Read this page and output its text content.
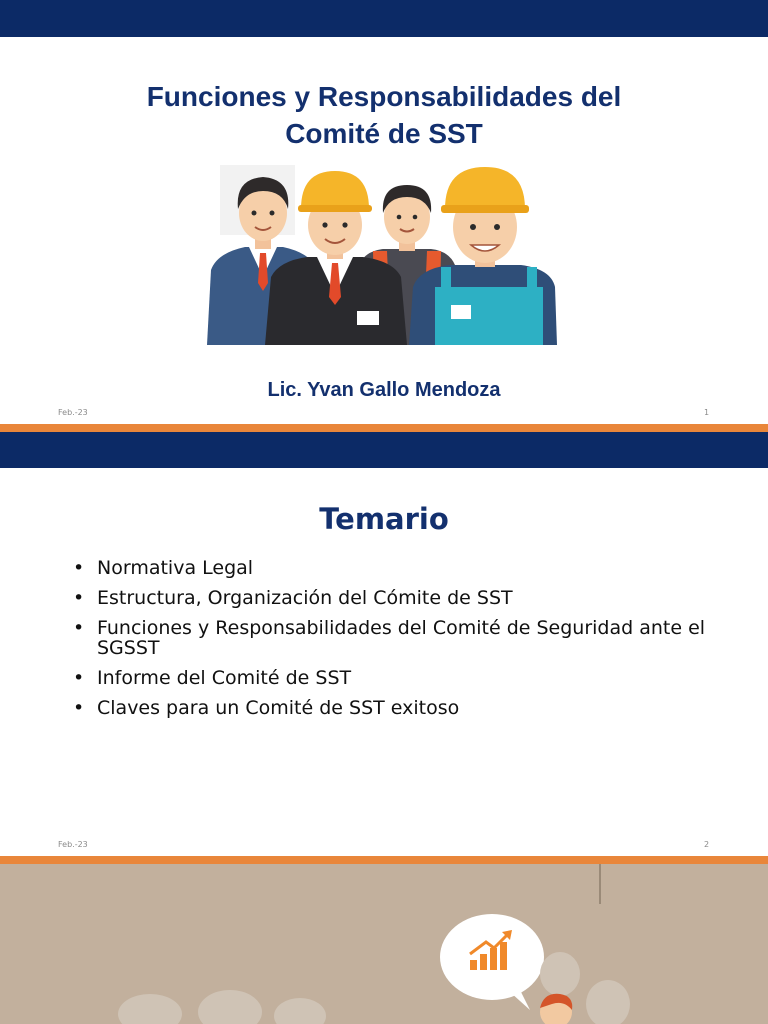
Funciones y Responsabilidades del
Comité de SST
Lic. Yvan Gallo Mendoza
Feb.-23	1
Feb.-23	2
Temario
• Normativa Legal
• Estructura, Organización del Cómite de SST
• Funciones y Responsabilidades del Comité de Seguridad ante el SGSST
• Informe del Comité de SST
• Claves para un Comité de SST exitoso
